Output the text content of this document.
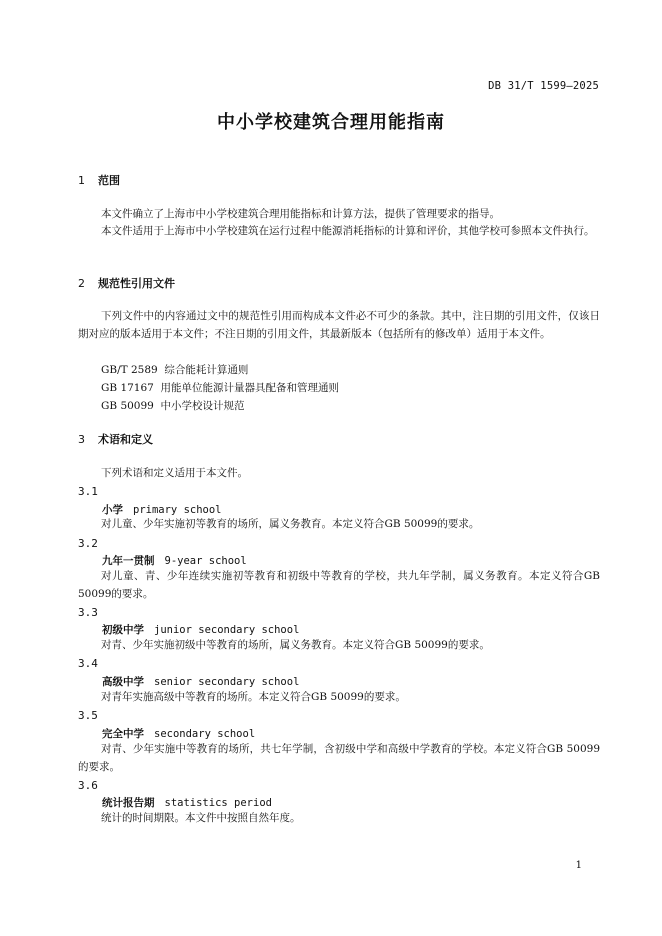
DB 31/T 1599—2025
中小学校建筑合理用能指南
1 范围
本文件确立了上海市中小学校建筑合理用能指标和计算方法，提供了管理要求的指导。
本文件适用于上海市中小学校建筑在运行过程中能源消耗指标的计算和评价，其他学校可参照本文件执行。
2 规范性引用文件
下列文件中的内容通过文中的规范性引用而构成本文件必不可少的条款。其中，注日期的引用文件，仅该日期对应的版本适用于本文件；不注日期的引用文件，其最新版本（包括所有的修改单）适用于本文件。
GB/T 2589  综合能耗计算通则
GB 17167  用能单位能源计量器具配备和管理通则
GB 50099  中小学校设计规范
3 术语和定义
下列术语和定义适用于本文件。
3.1
小学 primary school
对儿童、少年实施初等教育的场所，属义务教育。本定义符合GB 50099的要求。
3.2
九年一贯制 9-year school
对儿童、青、少年连续实施初等教育和初级中等教育的学校，共九年学制，属义务教育。本定义符合GB 50099的要求。
3.3
初级中学 junior secondary school
对青、少年实施初级中等教育的场所，属义务教育。本定义符合GB 50099的要求。
3.4
高级中学 senior secondary school
对青年实施高级中等教育的场所。本定义符合GB 50099的要求。
3.5
完全中学 secondary school
对青、少年实施中等教育的场所，共七年学制，含初级中学和高级中学教育的学校。本定义符合GB 50099的要求。
3.6
统计报告期 statistics period
统计的时间期限。本文件中按照自然年度。
1
